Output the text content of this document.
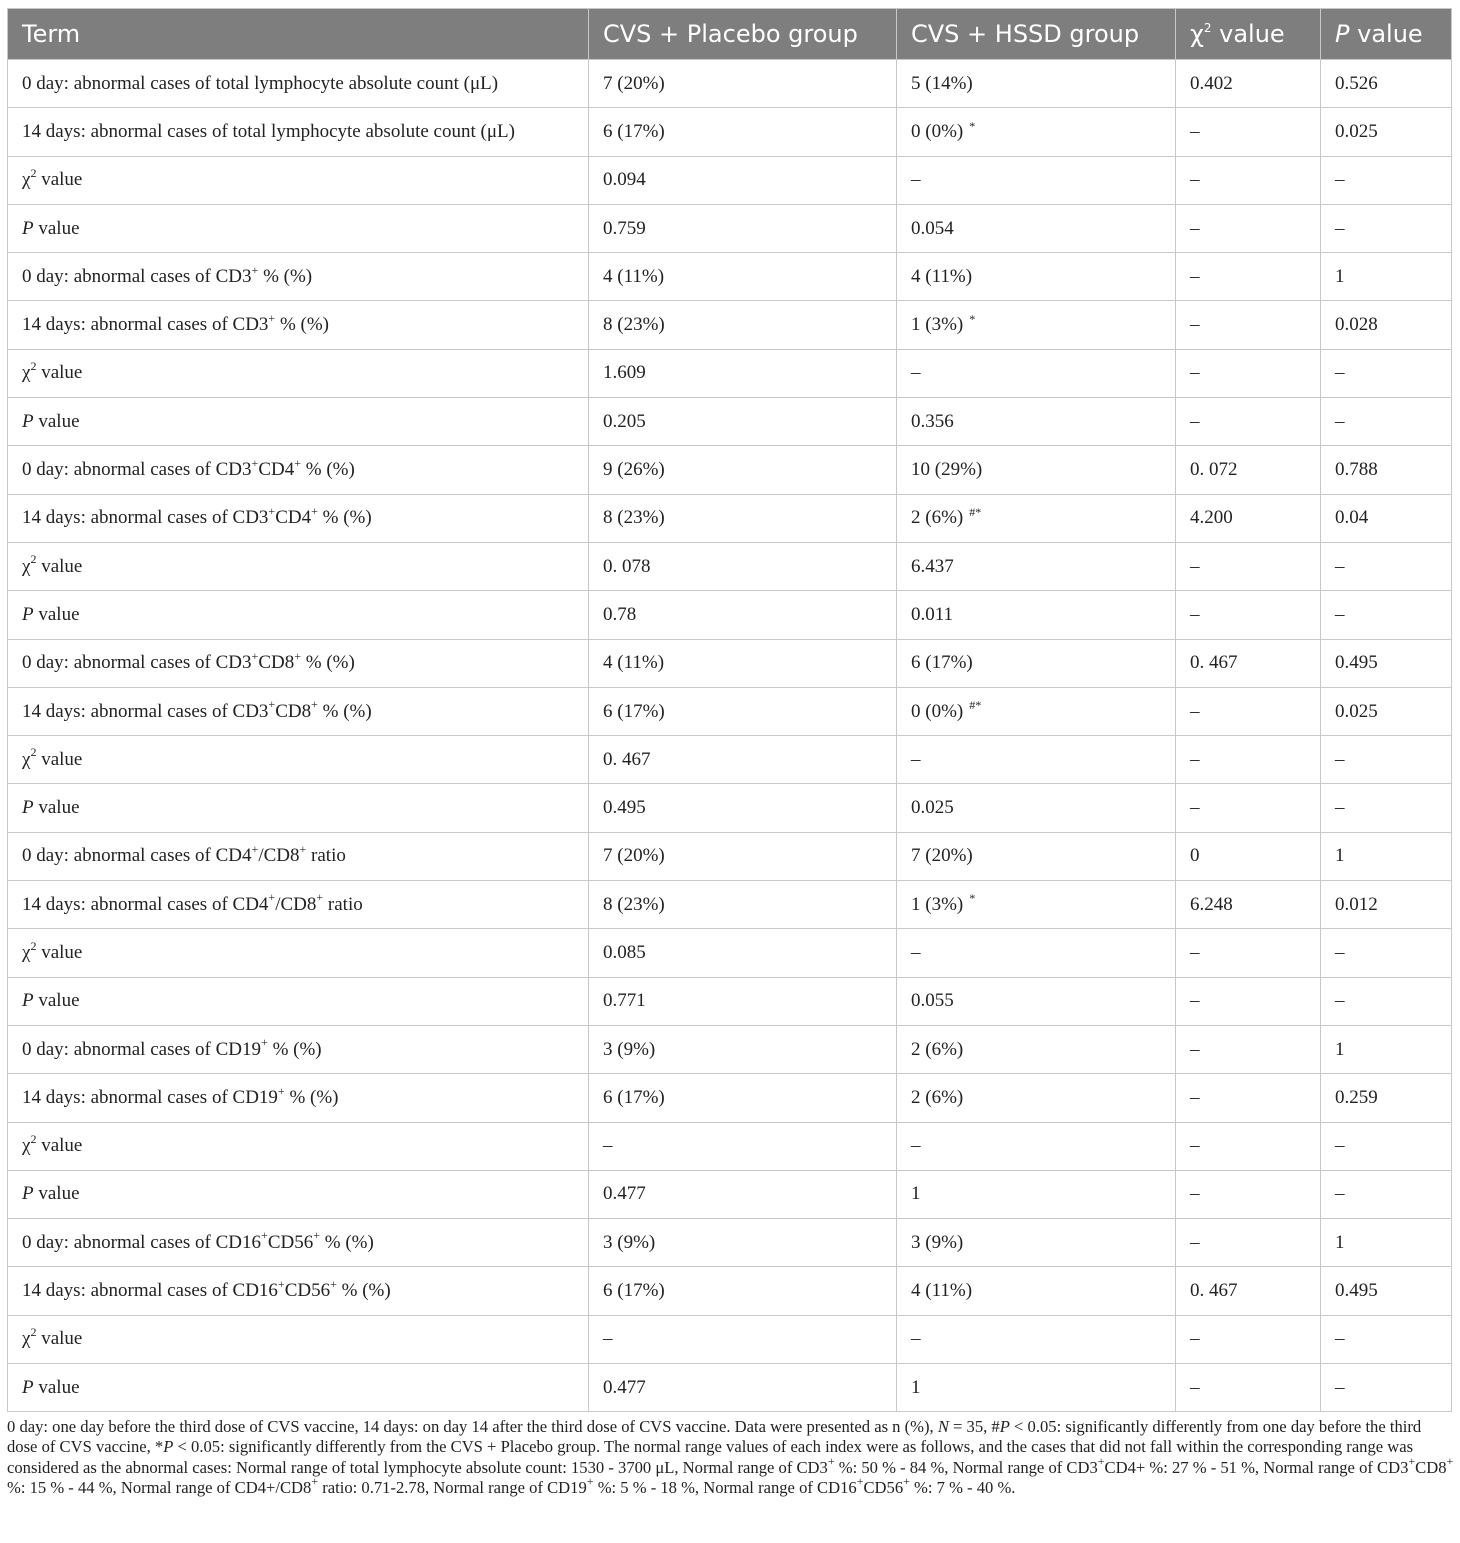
Term	CVS + Placebo group	CVS + HSSD group	$\chi^2$ value	P value
0 day: abnormal cases of total lymphocyte absolute count (μL)	7 (20%)	5 (14%)	0.402	0.526
14 days: abnormal cases of total lymphocyte absolute count (μL)	6 (17%)	0 (0%) *	–	0.025
$\chi^2$ value	0.094	–	–	–
P value	0.759	0.054	–	–
0 day: abnormal cases of CD3+ % (%)	4 (11%)	4 (11%)	–	1
14 days: abnormal cases of CD3+ % (%)	8 (23%)	1 (3%) *	–	0.028
$\chi^2$ value	1.609	–	–	–
P value	0.205	0.356	–	–
0 day: abnormal cases of CD3+CD4+ % (%)	9 (26%)	10 (29%)	0. 072	0.788
14 days: abnormal cases of CD3+CD4+ % (%)	8 (23%)	2 (6%) #*	4.200	0.04
$\chi^2$ value	0. 078	6.437	–	–
P value	0.78	0.011	–	–
0 day: abnormal cases of CD3+CD8+ % (%)	4 (11%)	6 (17%)	0. 467	0.495
14 days: abnormal cases of CD3+CD8+ % (%)	6 (17%)	0 (0%) #*	–	0.025
$\chi^2$ value	0. 467	–	–	–
P value	0.495	0.025	–	–
0 day: abnormal cases of CD4+/CD8+ ratio	7 (20%)	7 (20%)	0	1
14 days: abnormal cases of CD4+/CD8+ ratio	8 (23%)	1 (3%) *	6.248	0.012
$\chi^2$ value	0.085	–	–	–
P value	0.771	0.055	–	–
0 day: abnormal cases of CD19+ % (%)	3 (9%)	2 (6%)	–	1
14 days: abnormal cases of CD19+ % (%)	6 (17%)	2 (6%)	–	0.259
$\chi^2$ value	–	–	–	–
P value	0.477	1	–	–
0 day: abnormal cases of CD16+CD56+ % (%)	3 (9%)	3 (9%)	–	1
14 days: abnormal cases of CD16+CD56+ % (%)	6 (17%)	4 (11%)	0. 467	0.495
$\chi^2$ value	–	–	–	–
P value	0.477	1	–	–

0 day: one day before the third dose of CVS vaccine, 14 days: on day 14 after the third dose of CVS vaccine. Data were presented as n (%), N = 35, #P < 0.05: significantly differently from one day before the third dose of CVS vaccine, *P < 0.05: significantly differently from the CVS + Placebo group. The normal range values of each index were as follows, and the cases that did not fall within the corresponding range was considered as the abnormal cases: Normal range of total lymphocyte absolute count: 1530 - 3700 μL, Normal range of CD3+ %: 50 % - 84 %, Normal range of CD3+CD4+ %: 27 % - 51 %, Normal range of CD3+CD8+ %: 15 % - 44 %, Normal range of CD4+/CD8+ ratio: 0.71-2.78, Normal range of CD19+ %: 5 % - 18 %, Normal range of CD16+CD56+ %: 7 % - 40 %.
